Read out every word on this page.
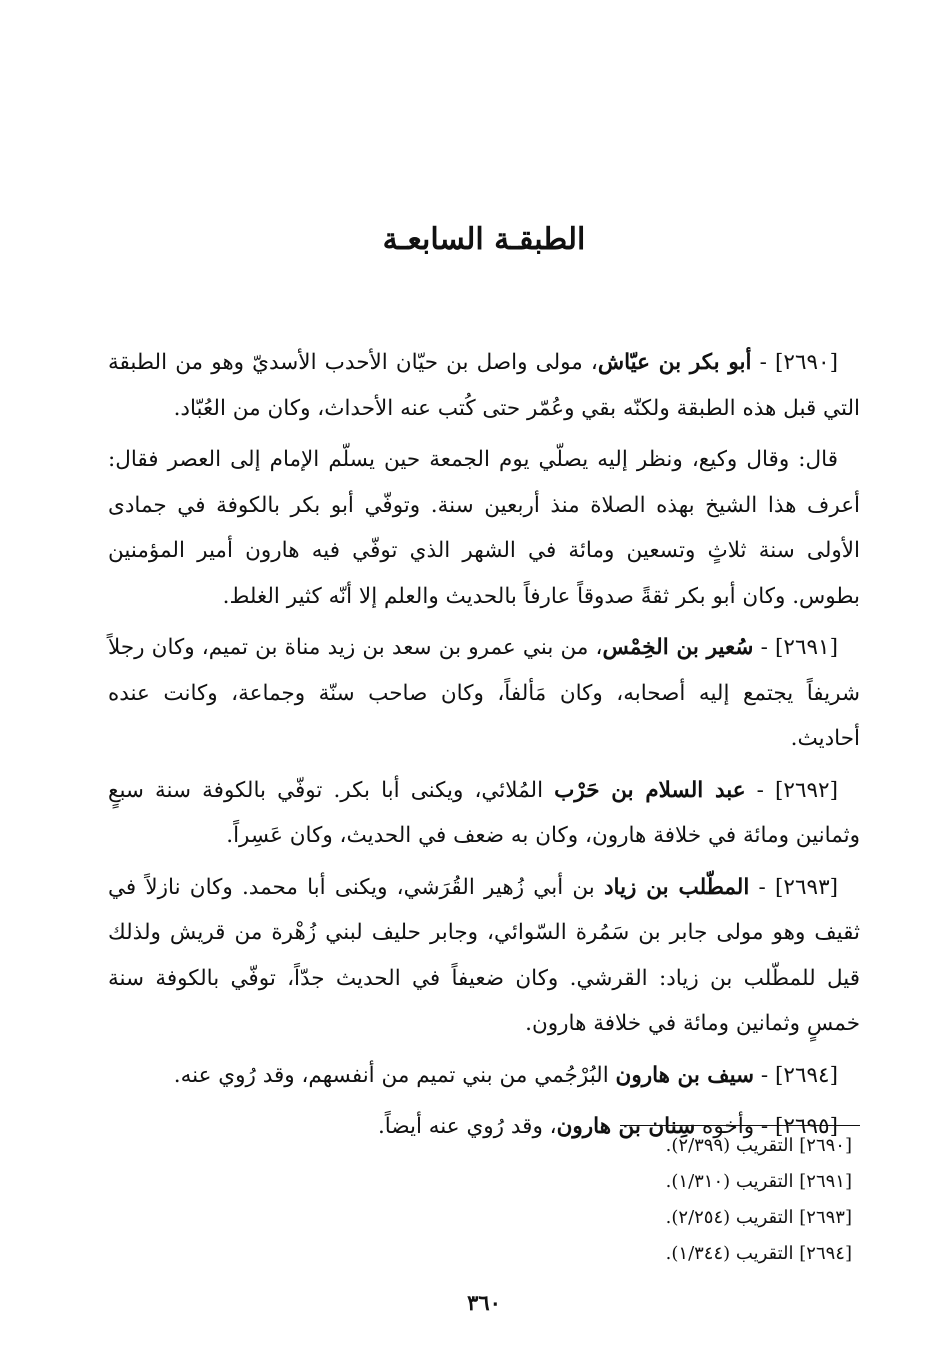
الطبقـة السابعـة

[٢٦٩٠] - أبو بكر بن عيّاش، مولى واصل بن حيّان الأحدب الأسديّ وهو من الطبقة التي قبل هذه الطبقة ولكنّه بقي وعُمّر حتى كُتب عنه الأحداث، وكان من العُبّاد.

قال: وقال وكيع، ونظر إليه يصلّي يوم الجمعة حين يسلّم الإمام إلى العصر فقال: أعرف هذا الشيخ بهذه الصلاة منذ أربعين سنة. وتوفّي أبو بكر بالكوفة في جمادى الأولى سنة ثلاثٍ وتسعين ومائة في الشهر الذي توفّي فيه هارون أمير المؤمنين بطوس. وكان أبو بكر ثقةً صدوقاً عارفاً بالحديث والعلم إلا أنّه كثير الغلط.

[٢٦٩١] - سُعير بن الخِمْس، من بني عمرو بن سعد بن زيد مناة بن تميم، وكان رجلاً شريفاً يجتمع إليه أصحابه، وكان مَألفاً، وكان صاحب سنّة وجماعة، وكانت عنده أحاديث.

[٢٦٩٢] - عبد السلام بن حَرْب المُلائي، ويكنى أبا بكر. توفّي بالكوفة سنة سبعٍ وثمانين ومائة في خلافة هارون، وكان به ضعف في الحديث، وكان عَسِراً.

[٢٦٩٣] - المطّلب بن زياد بن أبي زُهير القُرَشي، ويكنى أبا محمد. وكان نازلاً في ثقيف وهو مولى جابر بن سَمُرة السّوائي، وجابر حليف لبني زُهْرة من قريش ولذلك قيل للمطّلب بن زياد: القرشي. وكان ضعيفاً في الحديث جدّاً، توفّي بالكوفة سنة خمسٍ وثمانين ومائة في خلافة هارون.

[٢٦٩٤] - سيف بن هارون البُرْجُمي من بني تميم من أنفسهم، وقد رُوي عنه.

[٢٦٩٥] - وأخوه سِنان بن هارون، وقد رُوي عنه أيضاً.

[٢٦٩٠] التقريب (٢/٣٩٩).

[٢٦٩١] التقريب (١/٣١٠).

[٢٦٩٣] التقريب (٢/٢٥٤).

[٢٦٩٤] التقريب (١/٣٤٤).

٣٦٠
